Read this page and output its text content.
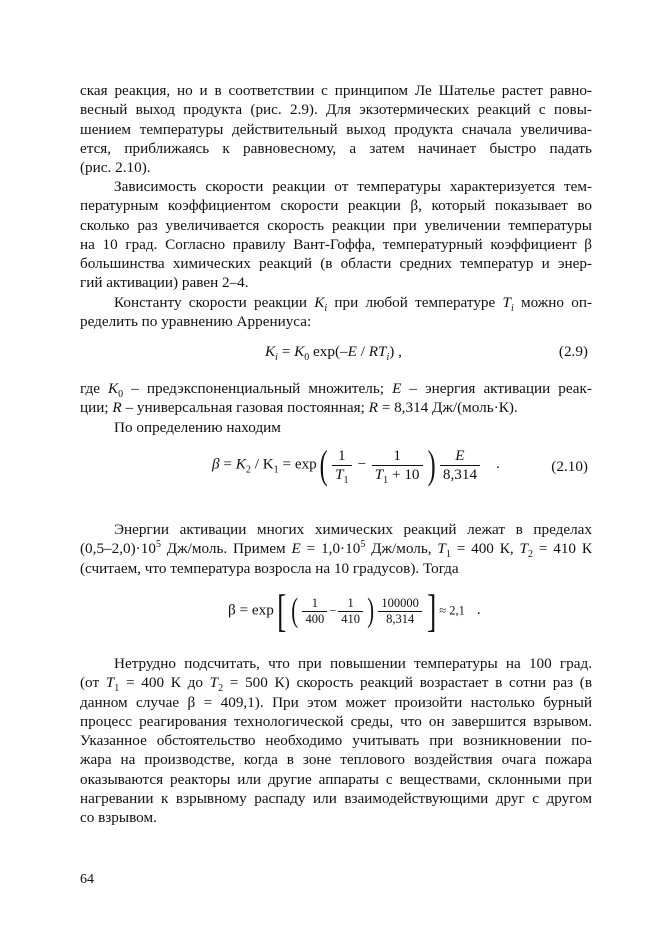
ская реакция, но и в соответствии с принципом Ле Шателье растет равно-
весный выход продукта (рис. 2.9). Для экзотермических реакций с повы-
шением температуры действительный выход продукта сначала увеличива-
ется, приближаясь к равновесному, а затем начинает быстро падать
(рис. 2.10).
Зависимость скорости реакции от температуры характеризуется тем-
пературным коэффициентом скорости реакции β, который показывает во
сколько раз увеличивается скорость реакции при увеличении температуры
на 10 град. Согласно правилу Вант-Гоффа, температурный коэффициент β
большинства химических реакций (в области средних температур и энер-
гий активации) равен 2–4.
Константу скорости реакции $K_i$ при любой температуре $T_i$ можно оп-
ределить по уравнению Аррениуса:
$K_i = K_0$ $\exp(-E / RT_i)$ ,	(2.9)
где $K_0$ – предэкспоненциальный множитель; E – энергия активации реак-
ции; R – универсальная газовая постоянная; R = 8,314 Дж/(моль·К).
По определению находим
$\beta = K_2 / K_1 = \exp( \frac{1}{T_1} - \frac{1}{T_1 + 10}$ ) $\frac{E}{8,314}$ .	(2.10)
Энергии активации многих химических реакций лежат в пределах
$(0,5-2,0)\cdot 10^5$ Дж/моль. Примем $E = 1,0\cdot 10^5$ Дж/моль, $T_1 = 400$ К, $T_2 = 410$ К
(считаем, что температура возросла на 10 градусов). Тогда
β = exp[ ( $\frac{1}{400} - \frac{1}{410}$ ) $\frac{100000}{8,314}$ ] ≈ 2,1 .
Нетрудно подсчитать, что при повышении температуры на 100 град.
(от $T_1 = 400$ К до $T_2 = 500$ К) скорость реакций возрастает в сотни раз (в
данном случае β = 409,1). При этом может произойти настолько бурный
процесс реагирования технологической среды, что он завершится взрывом.
Указанное обстоятельство необходимо учитывать при возникновении по-
жара на производстве, когда в зоне теплового воздействия очага пожара
оказываются реакторы или другие аппараты с веществами, склонными при
нагревании к взрывному распаду или взаимодействующими друг с другом
со взрывом.
64
